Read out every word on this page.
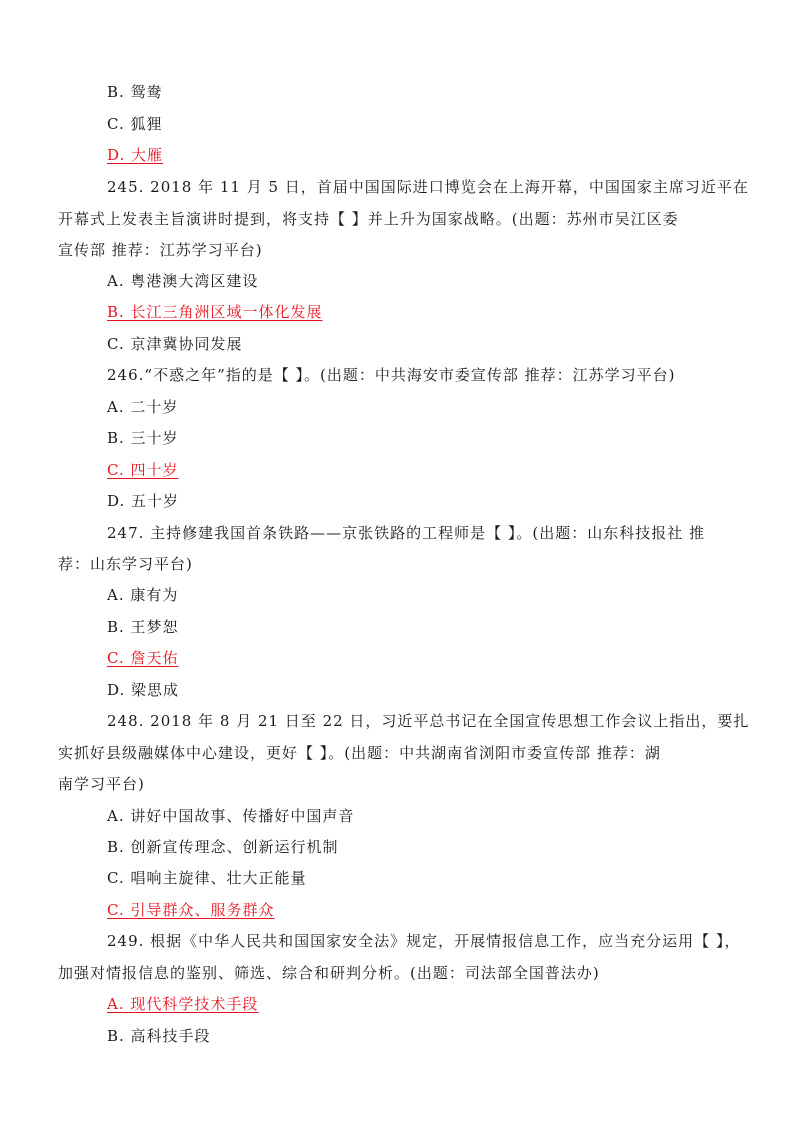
B. 鸳鸯
C. 狐狸
D. 大雁
245. 2018 年 11 月 5 日，首届中国国际进口博览会在上海开幕，中国国家主席习近平在
开幕式上发表主旨演讲时提到，将支持【 】并上升为国家战略。(出题：苏州市吴江区委
宣传部 推荐：江苏学习平台)
A. 粤港澳大湾区建设
B. 长江三角洲区域一体化发展
C. 京津冀协同发展
246.“不惑之年”指的是【 】。(出题：中共海安市委宣传部 推荐：江苏学习平台)
A. 二十岁
B. 三十岁
C. 四十岁
D. 五十岁
247. 主持修建我国首条铁路——京张铁路的工程师是【 】。(出题：山东科技报社 推
荐：山东学习平台)
A. 康有为
B. 王梦恕
C. 詹天佑
D. 梁思成
248. 2018 年 8 月 21 日至 22 日，习近平总书记在全国宣传思想工作会议上指出，要扎
实抓好县级融媒体中心建设，更好【 】。(出题：中共湖南省浏阳市委宣传部 推荐：湖
南学习平台)
A. 讲好中国故事、传播好中国声音
B. 创新宣传理念、创新运行机制
C. 唱响主旋律、壮大正能量
C. 引导群众、服务群众
249. 根据《中华人民共和国国家安全法》规定，开展情报信息工作，应当充分运用【 】，
加强对情报信息的鉴别、筛选、综合和研判分析。(出题：司法部全国普法办)
A. 现代科学技术手段
B. 高科技手段
